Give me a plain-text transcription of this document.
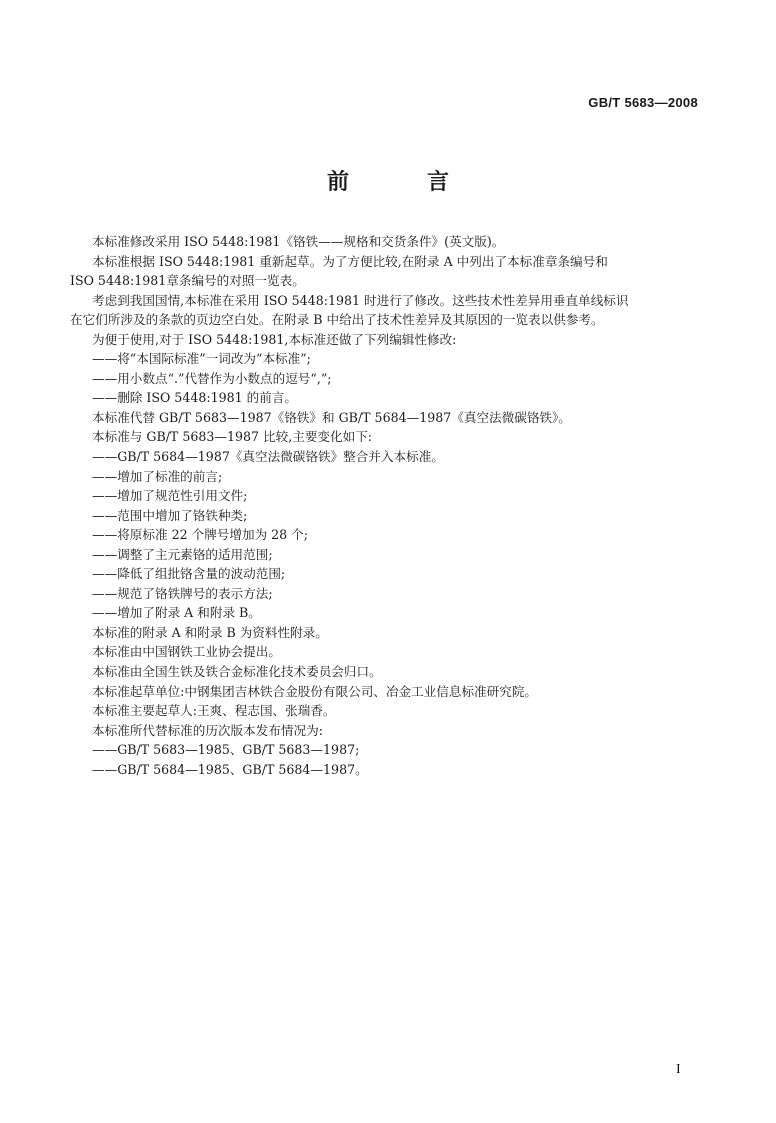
GB/T 5683—2008
前　言

本标准修改采用 ISO 5448:1981《铬铁——规格和交货条件》(英文版)。

本标准根据 ISO 5448:1981 重新起草。为了方便比较,在附录 A 中列出了本标准章条编号和

ISO 5448:1981章条编号的对照一览表。

考虑到我国国情,本标准在采用 ISO 5448:1981 时进行了修改。这些技术性差异用垂直单线标识

在它们所涉及的条款的页边空白处。在附录 B 中给出了技术性差异及其原因的一览表以供参考。

为便于使用,对于 ISO 5448:1981,本标准还做了下列编辑性修改:

——将“本国际标准”一词改为“本标准”;

——用小数点“.”代替作为小数点的逗号“,”;

——删除 ISO 5448:1981 的前言。

本标准代替 GB/T 5683—1987《铬铁》和 GB/T 5684—1987《真空法微碳铬铁》。

本标准与 GB/T 5683—1987 比较,主要变化如下:

——GB/T 5684—1987《真空法微碳铬铁》整合并入本标准。

——增加了标准的前言;

——增加了规范性引用文件;

——范围中增加了铬铁种类;

——将原标准 22 个牌号增加为 28 个;

——调整了主元素铬的适用范围;

——降低了组批铬含量的波动范围;

——规范了铬铁牌号的表示方法;

——增加了附录 A 和附录 B。

本标准的附录 A 和附录 B 为资料性附录。

本标准由中国钢铁工业协会提出。

本标准由全国生铁及铁合金标准化技术委员会归口。

本标准起草单位:中钢集团吉林铁合金股份有限公司、冶金工业信息标准研究院。

本标准主要起草人:王爽、程志国、张瑞香。

本标准所代替标准的历次版本发布情况为:

——GB/T 5683—1985、GB/T 5683—1987;

——GB/T 5684—1985、GB/T 5684—1987。

I
